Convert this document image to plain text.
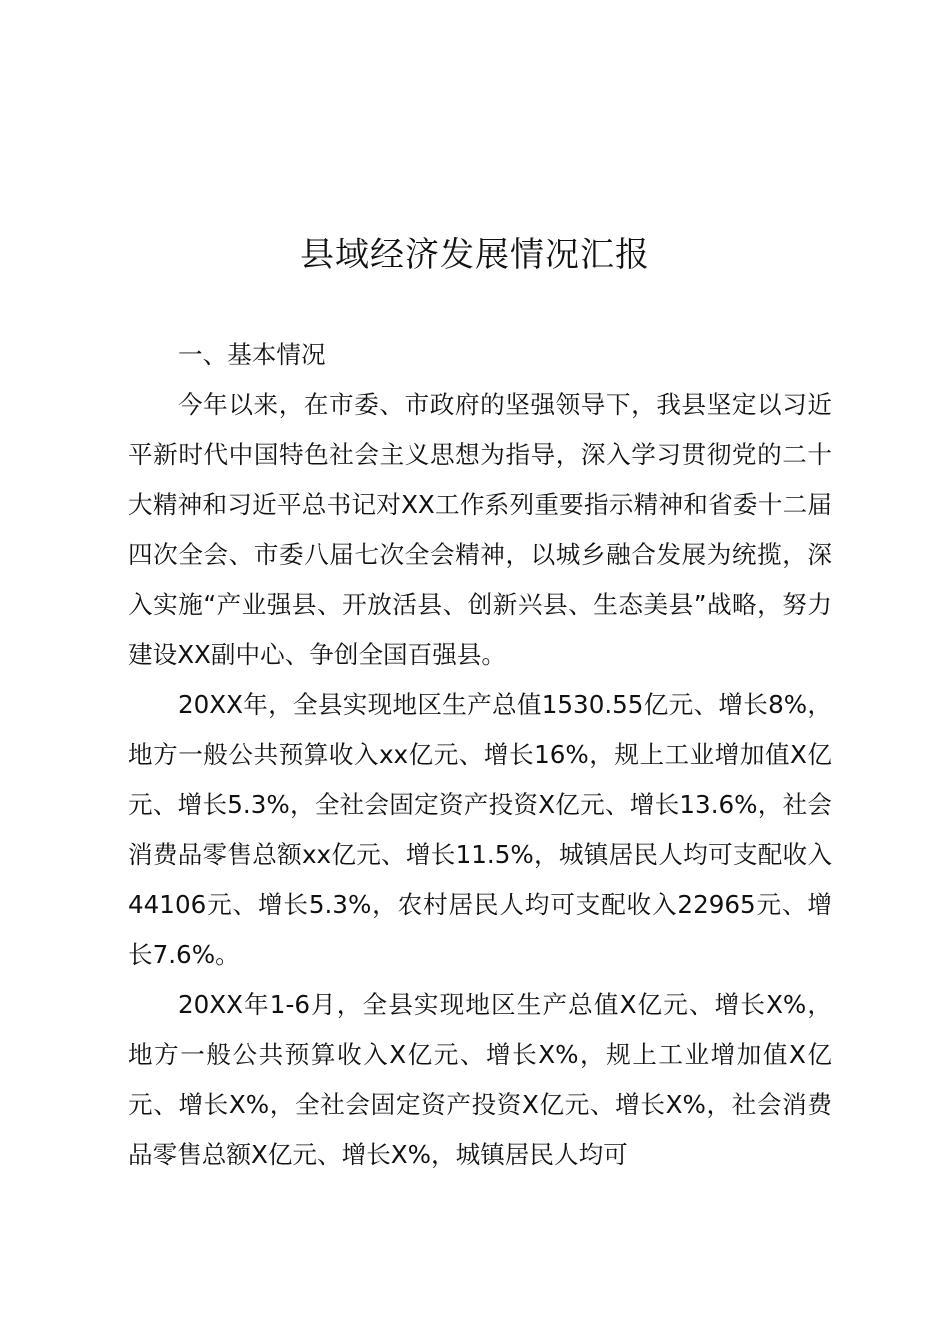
县域经济发展情况汇报

一、基本情况

今年以来，在市委、市政府的坚强领导下，我县坚定以习近平新时代中国特色社会主义思想为指导，深入学习贯彻党的二十大精神和习近平总书记对XX工作系列重要指示精神和省委十二届四次全会、市委八届七次全会精神，以城乡融合发展为统揽，深入实施“产业强县、开放活县、创新兴县、生态美县”战略，努力建设XX副中心、争创全国百强县。

20XX年，全县实现地区生产总值1530.55亿元、增长8%，地方一般公共预算收入xx亿元、增长16%，规上工业增加值X亿元、增长5.3%，全社会固定资产投资X亿元、增长13.6%，社会消费品零售总额xx亿元、增长11.5%，城镇居民人均可支配收入44106元、增长5.3%，农村居民人均可支配收入22965元、增长7.6%。

20XX年1-6月，全县实现地区生产总值X亿元、增长X%，地方一般公共预算收入X亿元、增长X%，规上工业增加值X亿元、增长X%，全社会固定资产投资X亿元、增长X%，社会消费品零售总额X亿元、增长X%，城镇居民人均可
